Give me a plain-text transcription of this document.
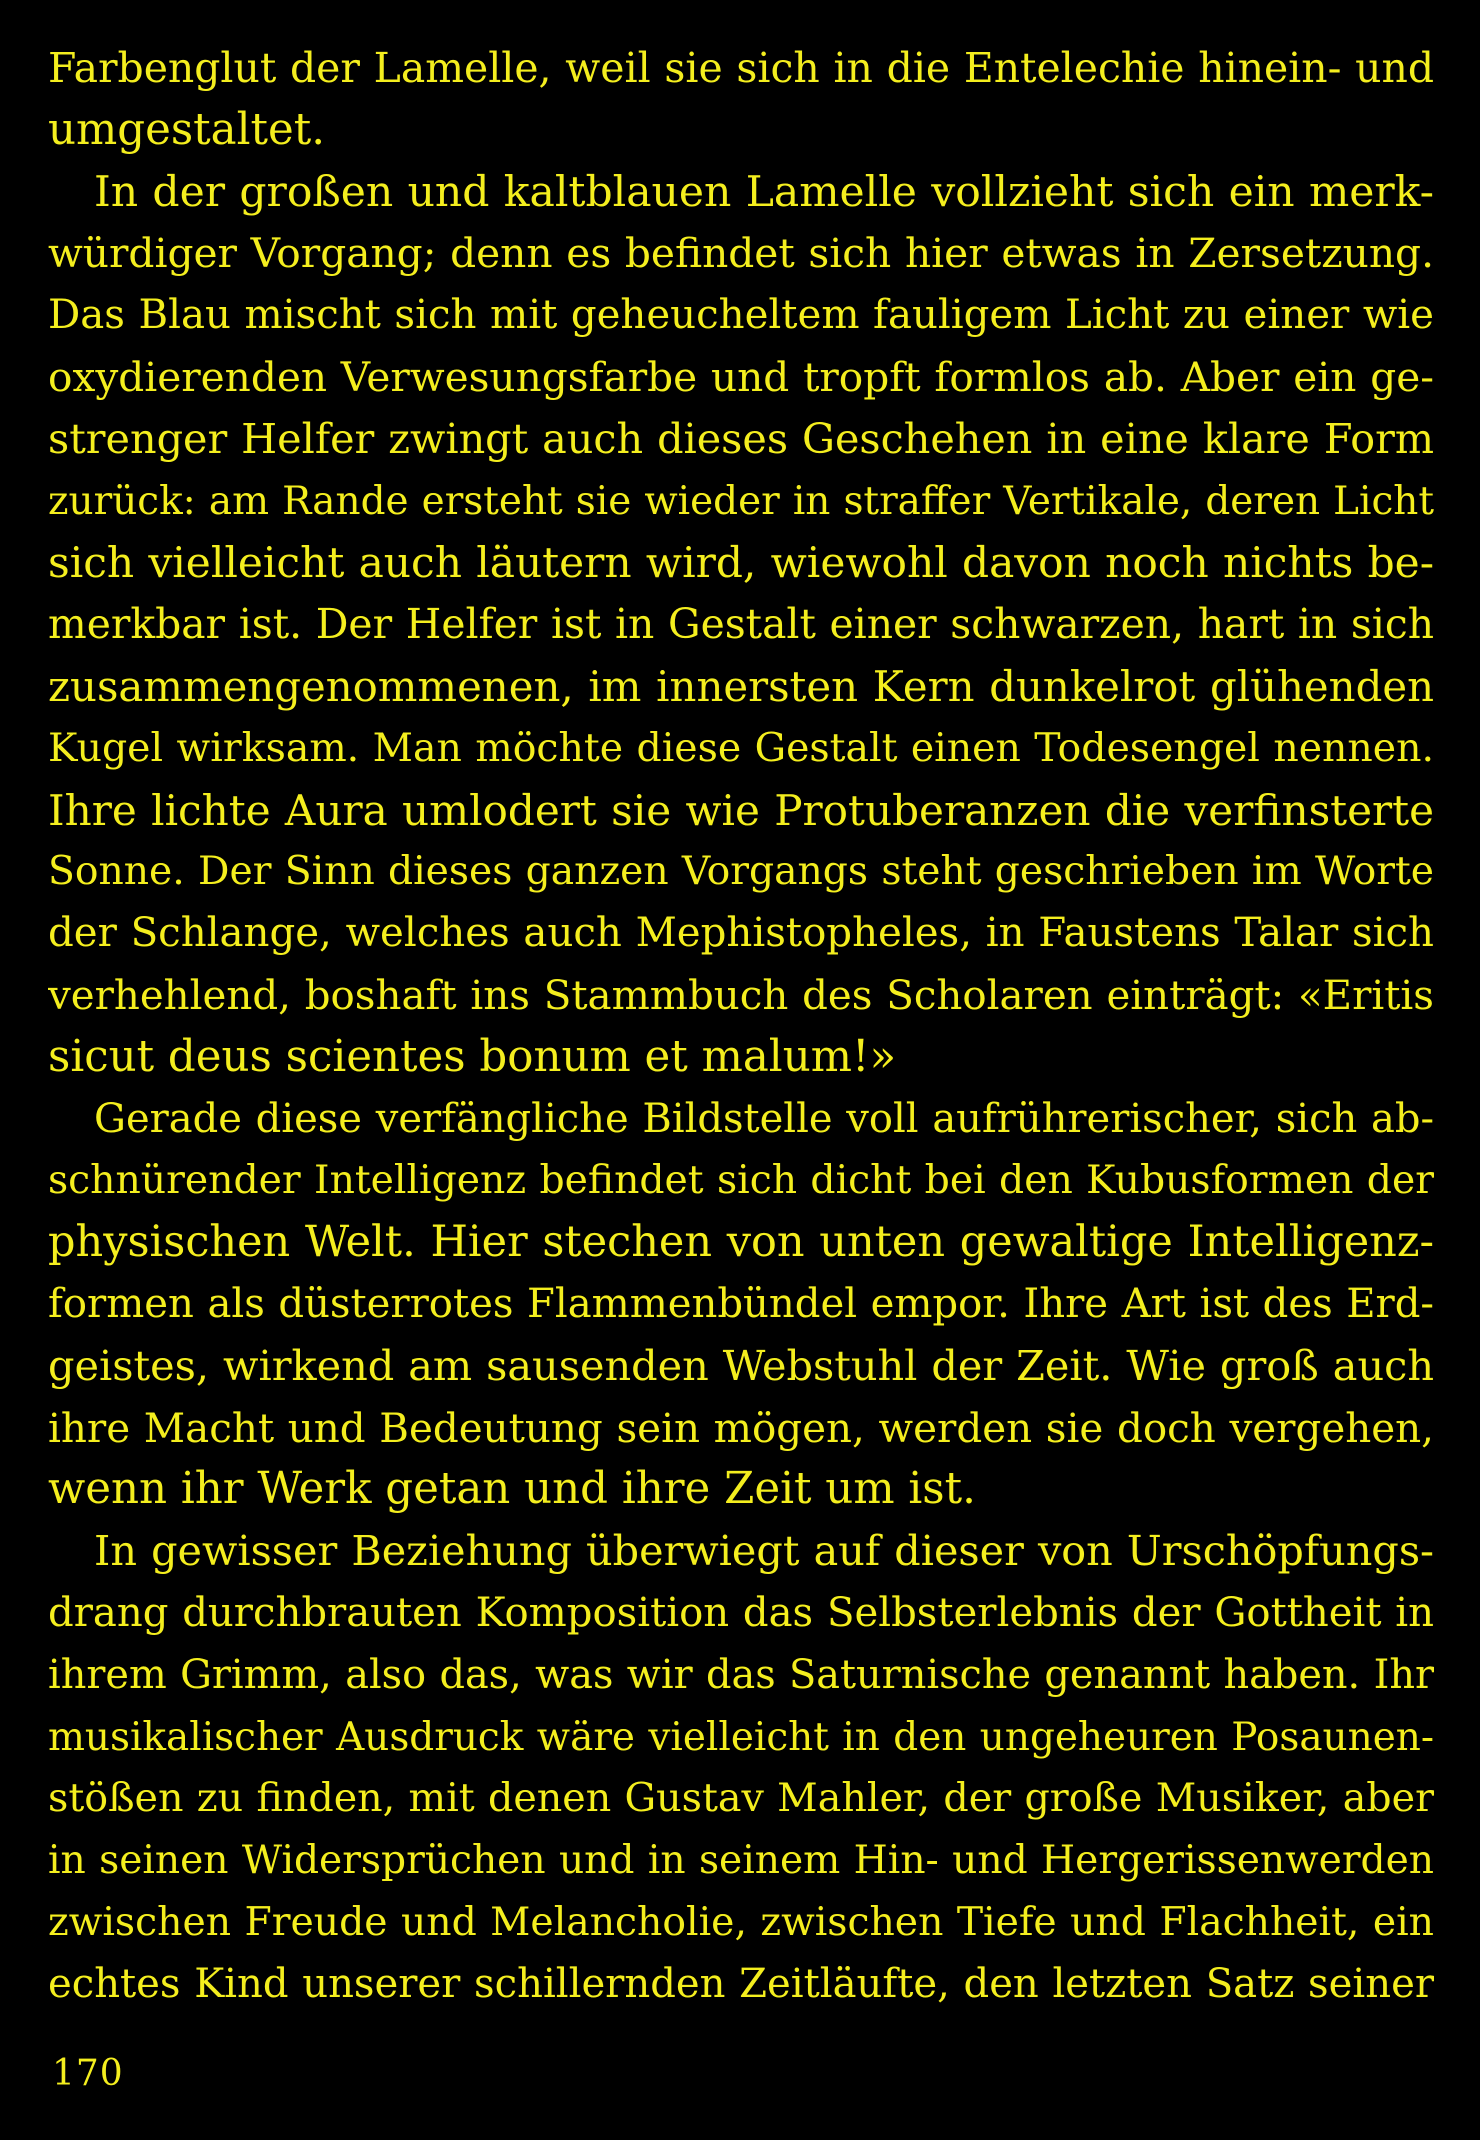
Farbenglut der Lamelle, weil sie sich in die Entelechie hinein- und
umgestaltet.
In der großen und kaltblauen Lamelle vollzieht sich ein merk-
würdiger Vorgang; denn es befindet sich hier etwas in Zersetzung.
Das Blau mischt sich mit geheucheltem fauligem Licht zu einer wie
oxydierenden Verwesungsfarbe und tropft formlos ab. Aber ein ge-
strenger Helfer zwingt auch dieses Geschehen in eine klare Form
zurück: am Rande ersteht sie wieder in straffer Vertikale, deren Licht
sich vielleicht auch läutern wird, wiewohl davon noch nichts be-
merkbar ist. Der Helfer ist in Gestalt einer schwarzen, hart in sich
zusammengenommenen, im innersten Kern dunkelrot glühenden
Kugel wirksam. Man möchte diese Gestalt einen Todesengel nennen.
Ihre lichte Aura umlodert sie wie Protuberanzen die verfinsterte
Sonne. Der Sinn dieses ganzen Vorgangs steht geschrieben im Worte
der Schlange, welches auch Mephistopheles, in Faustens Talar sich
verhehlend, boshaft ins Stammbuch des Scholaren einträgt: «Eritis
sicut deus scientes bonum et malum!»
Gerade diese verfängliche Bildstelle voll aufrührerischer, sich ab-
schnürender Intelligenz befindet sich dicht bei den Kubusformen der
physischen Welt. Hier stechen von unten gewaltige Intelligenz-
formen als düsterrotes Flammenbündel empor. Ihre Art ist des Erd-
geistes, wirkend am sausenden Webstuhl der Zeit. Wie groß auch
ihre Macht und Bedeutung sein mögen, werden sie doch vergehen,
wenn ihr Werk getan und ihre Zeit um ist.
In gewisser Beziehung überwiegt auf dieser von Urschöpfungs-
drang durchbrauten Komposition das Selbsterlebnis der Gottheit in
ihrem Grimm, also das, was wir das Saturnische genannt haben. Ihr
musikalischer Ausdruck wäre vielleicht in den ungeheuren Posaunen-
stößen zu finden, mit denen Gustav Mahler, der große Musiker, aber
in seinen Widersprüchen und in seinem Hin- und Hergerissenwerden
zwischen Freude und Melancholie, zwischen Tiefe und Flachheit, ein
echtes Kind unserer schillernden Zeitläufte, den letzten Satz seiner
170
